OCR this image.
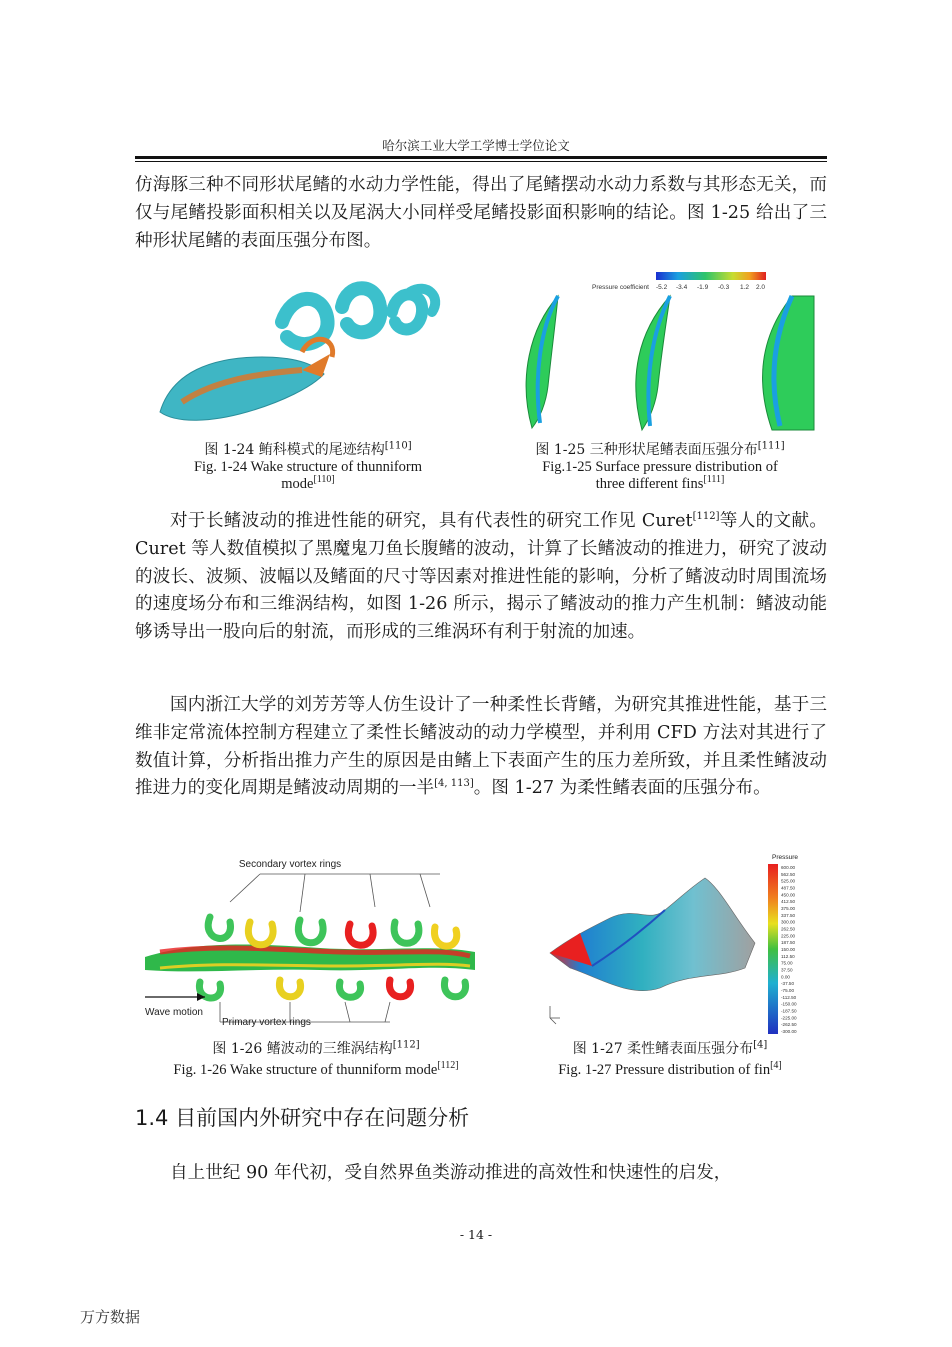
哈尔滨工业大学工学博士学位论文
仿海豚三种不同形状尾鳍的水动力学性能，得出了尾鳍摆动水动力系数与其形态无关，而仅与尾鳍投影面积相关以及尾涡大小同样受尾鳍投影面积影响的结论。图 1-25 给出了三种形状尾鳍的表面压强分布图。
图 1-24 鲔科模式的尾迹结构[110]
Fig. 1-24 Wake structure of thunniform
mode[110]
Pressure coefficient -5.2 -3.4 -1.9 -0.3 1.2 2.0
图 1-25 三种形状尾鳍表面压强分布[111]
Fig.1-25 Surface pressure distribution of
three different fins[111]
对于长鳍波动的推进性能的研究，具有代表性的研究工作见 Curet[112]等人的文献。Curet 等人数值模拟了黑魔鬼刀鱼长腹鳍的波动，计算了长鳍波动的推进力，研究了波动的波长、波频、波幅以及鳍面的尺寸等因素对推进性能的影响，分析了鳍波动时周围流场的速度场分布和三维涡结构，如图 1-26 所示，揭示了鳍波动的推力产生机制：鳍波动能够诱导出一股向后的射流，而形成的三维涡环有利于射流的加速。
国内浙江大学的刘芳芳等人仿生设计了一种柔性长背鳍，为研究其推进性能，基于三维非定常流体控制方程建立了柔性长鳍波动的动力学模型，并利用 CFD 方法对其进行了数值计算，分析指出推力产生的原因是由鳍上下表面产生的压力差所致，并且柔性鳍波动推进力的变化周期是鳍波动周期的一半[4, 113]。图 1-27 为柔性鳍表面的压强分布。
Secondary vortex rings
Wave motion
Primary vortex rings
图 1-26 鳍波动的三维涡结构[112]
Fig. 1-26 Wake structure of thunniform mode[112]
Pressure
600.00
562.50
525.00
487.50
450.00
412.50
375.00
337.50
300.00
262.50
225.00
187.50
150.00
112.50
75.00
37.50
0.00
-37.50
-75.00
-112.50
-150.00
-187.50
-225.00
-262.50
-300.00
图 1-27 柔性鳍表面压强分布[4]
Fig. 1-27 Pressure distribution of fin[4]
1.4 目前国内外研究中存在问题分析
自上世纪 90 年代初，受自然界鱼类游动推进的高效性和快速性的启发，
- 14 -
万方数据
